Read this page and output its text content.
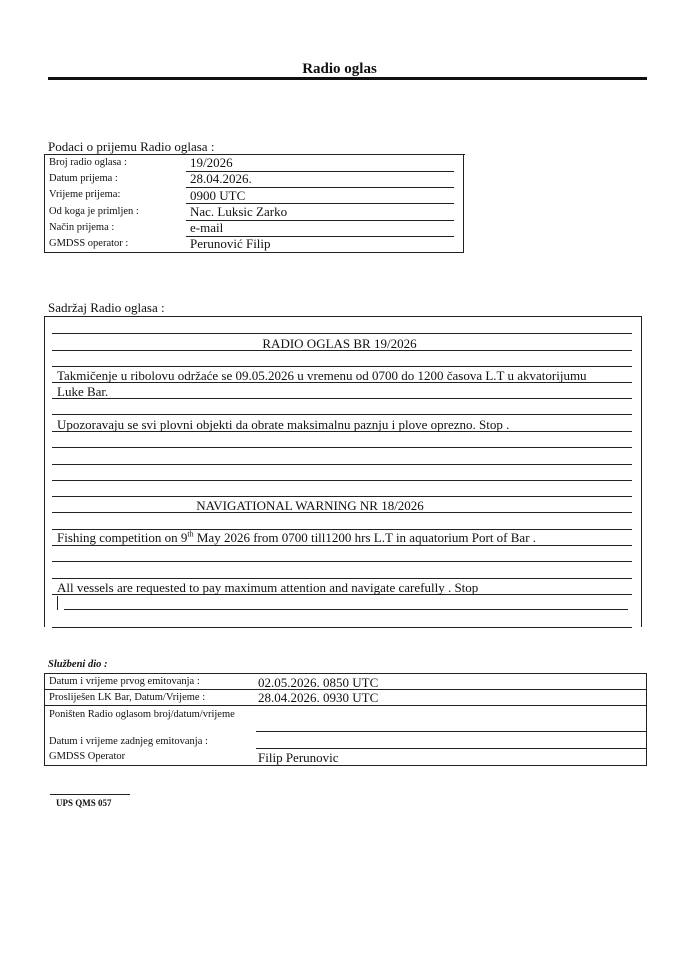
Radio oglas
Podaci o prijemu Radio oglasa :
Broj radio oglasa :	19/2026
Datum prijema :	28.04.2026.
Vrijeme prijema:	0900 UTC
Od koga je primljen :	Nac. Luksic Zarko
Način prijema :	e-mail
GMDSS operator :	Perunović Filip
Sadržaj Radio oglasa :
RADIO OGLAS BR 19/2026
Takmičenje u ribolovu održaće se 09.05.2026 u vremenu od 0700 do 1200 časova L.T u akvatorijumu
Luke Bar.
Upozoravaju se svi plovni objekti da obrate maksimalnu paznju i plove oprezno. Stop .
NAVIGATIONAL WARNING NR 18/2026
Fishing competition on 9th May 2026 from 0700 till1200 hrs L.T in aquatorium Port of Bar .
All vessels are requested to pay maximum attention and navigate carefully . Stop
Službeni dio :
Datum i vrijeme prvog emitovanja :	02.05.2026. 0850 UTC
Prosliješen LK Bar, Datum/Vrijeme :	28.04.2026. 0930 UTC
Poništen Radio oglasom broj/datum/vrijeme
Datum i vrijeme zadnjeg emitovanja :
GMDSS Operator	Filip Perunovic
UPS QMS 057
